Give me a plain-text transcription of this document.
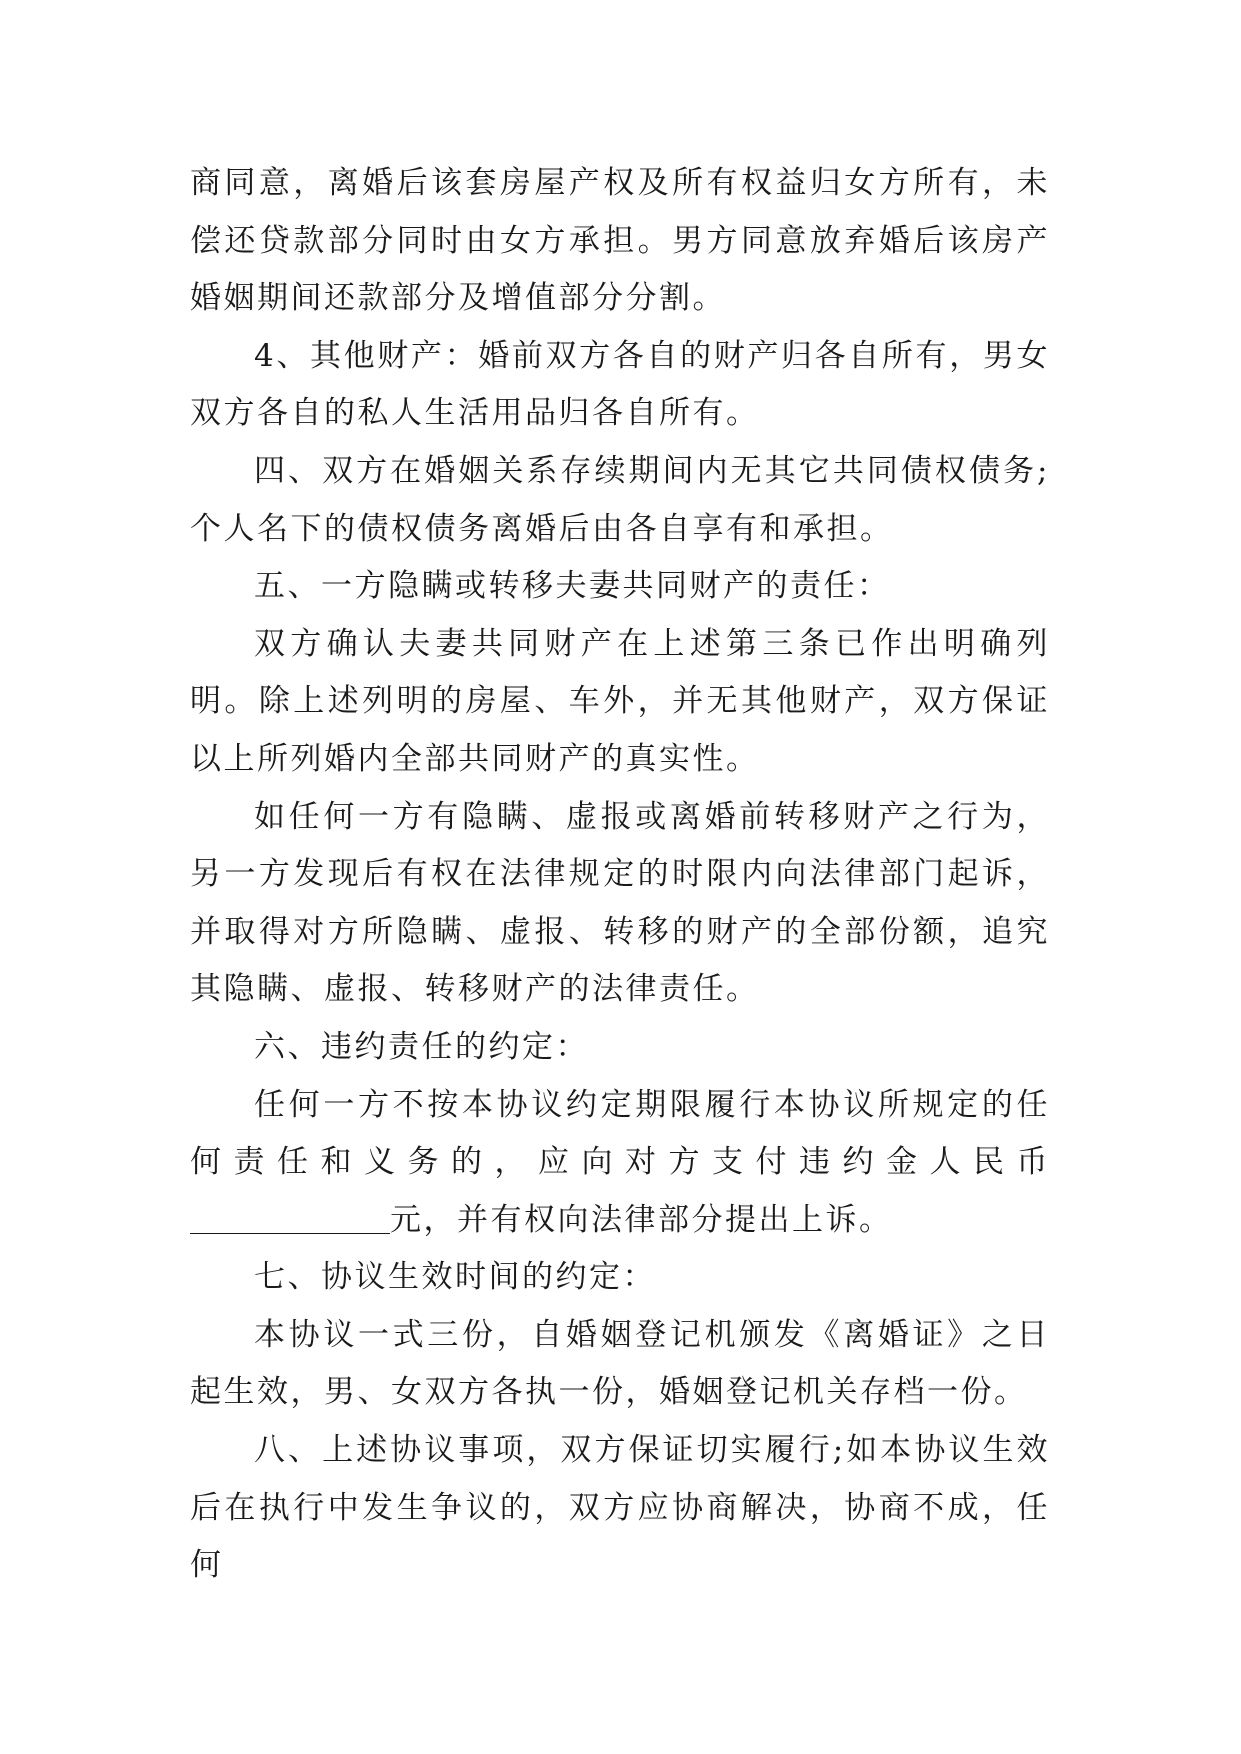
商同意，离婚后该套房屋产权及所有权益归女方所有，未偿还贷款部分同时由女方承担。男方同意放弃婚后该房产婚姻期间还款部分及增值部分分割。

4、其他财产：婚前双方各自的财产归各自所有，男女双方各自的私人生活用品归各自所有。

四、双方在婚姻关系存续期间内无其它共同债权债务;个人名下的债权债务离婚后由各自享有和承担。

五、一方隐瞒或转移夫妻共同财产的责任：

双方确认夫妻共同财产在上述第三条已作出明确列明。除上述列明的房屋、车外，并无其他财产，双方保证以上所列婚内全部共同财产的真实性。

如任何一方有隐瞒、虚报或离婚前转移财产之行为，另一方发现后有权在法律规定的时限内向法律部门起诉，并取得对方所隐瞒、虚报、转移的财产的全部份额，追究其隐瞒、虚报、转移财产的法律责任。

六、违约责任的约定：

任何一方不按本协议约定期限履行本协议所规定的任何责任和义务的，应向对方支付违约金人民币元，并有权向法律部分提出上诉。

七、协议生效时间的约定：

本协议一式三份，自婚姻登记机颁发《离婚证》之日起生效，男、女双方各执一份，婚姻登记机关存档一份。

八、上述协议事项，双方保证切实履行;如本协议生效后在执行中发生争议的，双方应协商解决，协商不成，任何
